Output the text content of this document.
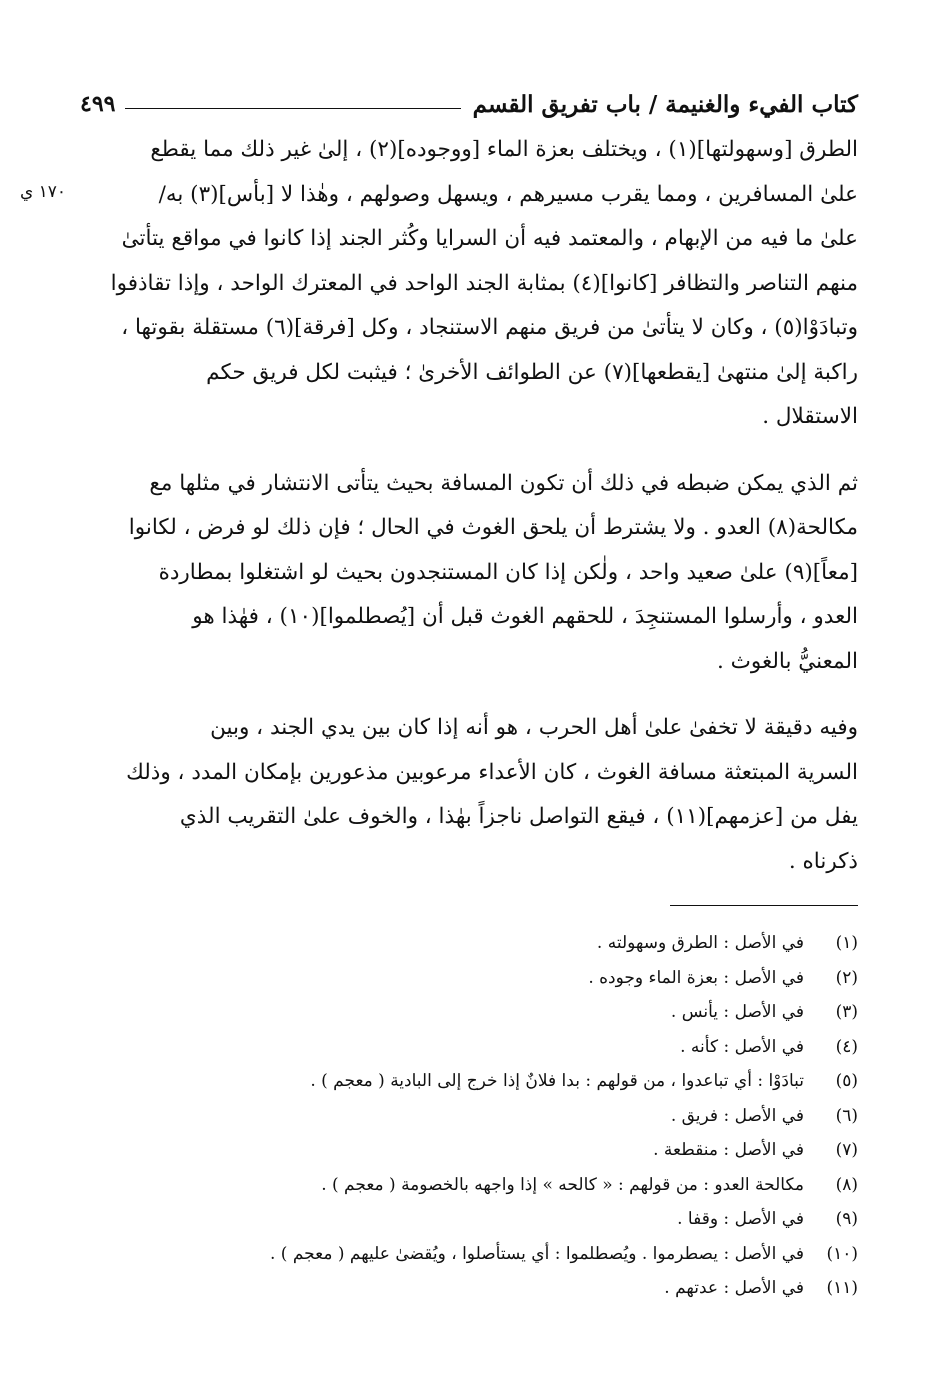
كتاب الفيء والغنيمة / باب تفريق القسم
٤٩٩
١٧٠ ي
الطرق [وسهولتها](١) ، ويختلف بعزة الماء [ووجوده](٢) ، إلىٰ غير ذلك مما يقطع
علىٰ المسافرين ، ومما يقرب مسيرهم ، ويسهل وصولهم ، وهٰذا لا [بأس](٣) به/
علىٰ ما فيه من الإبهام ، والمعتمد فيه أن السرايا وكُثر الجند إذا كانوا في مواقع يتأتىٰ
منهم التناصر والتظافر [كانوا](٤) بمثابة الجند الواحد في المعترك الواحد ، وإذا تقاذفوا
وتبادَوْا(٥) ، وكان لا يتأتىٰ من فريق منهم الاستنجاد ، وكل [فرقة](٦) مستقلة بقوتها ،
راكبة إلىٰ منتهىٰ [يقطعها](٧) عن الطوائف الأخرىٰ ؛ فيثبت لكل فريق حكم
الاستقلال .
ثم الذي يمكن ضبطه في ذلك أن تكون المسافة بحيث يتأتى الانتشار في مثلها مع
مكالحة(٨) العدو . ولا يشترط أن يلحق الغوث في الحال ؛ فإن ذلك لو فرض ، لكانوا
[معاً](٩) علىٰ صعيد واحد ، ولٰكن إذا كان المستنجدون بحيث لو اشتغلوا بمطاردة
العدو ، وأرسلوا المستنجِدَ ، للحقهم الغوث قبل أن [يُصطلموا](١٠) ، فهٰذا هو
المعنيُّ بالغوث .
وفيه دقيقة لا تخفىٰ علىٰ أهل الحرب ، هو أنه إذا كان بين يدي الجند ، وبين
السرية المبتعثة مسافة الغوث ، كان الأعداء مرعوبين مذعورين بإمكان المدد ، وذلك
يفل من [عزمهم](١١) ، فيقع التواصل ناجزاً بهٰذا ، والخوف علىٰ التقريب الذي
ذكرناه .
(١)
في الأصل : الطرق وسهولته .
(٢)
في الأصل : بعزة الماء وجوده .
(٣)
في الأصل : يأنس .
(٤)
في الأصل : كأنه .
(٥)
تبادَوْا : أي تباعدوا ، من قولهم : بدا فلانٌ إذا خرج إلى البادية ( معجم ) .
(٦)
في الأصل : فريق .
(٧)
في الأصل : منقطعة .
(٨)
مكالحة العدو : من قولهم : « كالحه » إذا واجهه بالخصومة ( معجم ) .
(٩)
في الأصل : وقفا .
(١٠)
في الأصل : يصطرموا . ويُصطلموا : أي يستأصلوا ، ويُقضىٰ عليهم ( معجم ) .
(١١)
في الأصل : عدتهم .
